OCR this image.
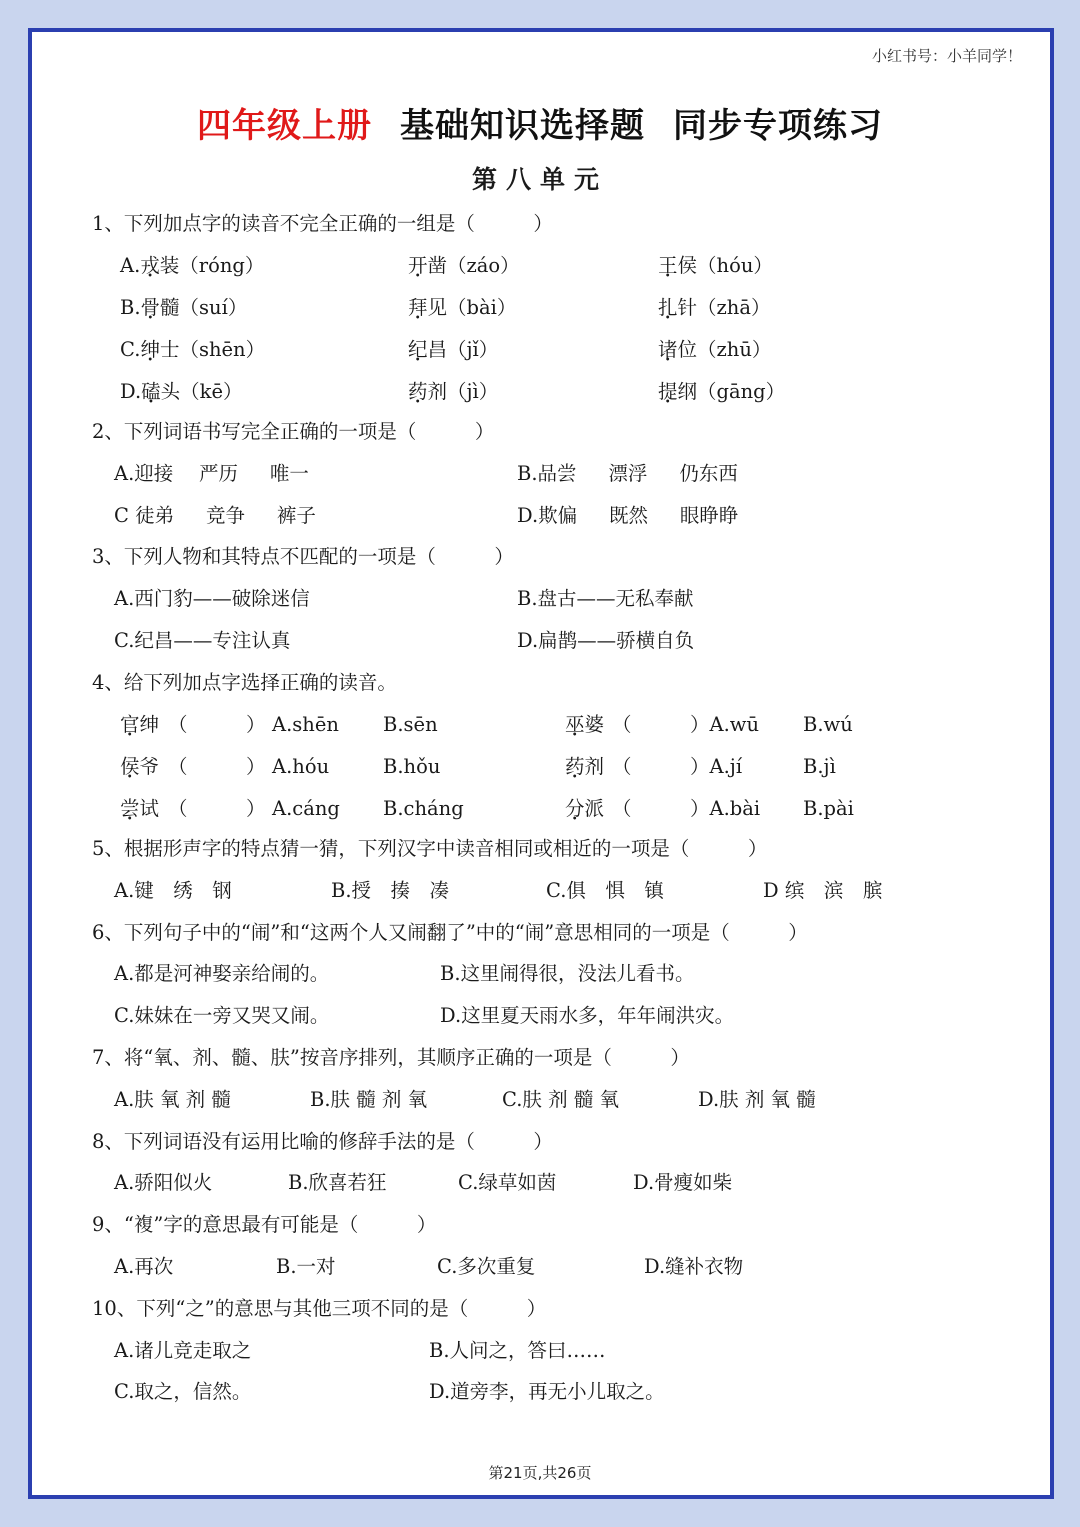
小红书号：小羊同学！
四年级上册 基础知识选择题 同步专项练习
第八单元
1、下列加点字的读音不完全正确的一组是（　　　）
A.戎装（róng）	开凿（záo）	王侯（hóu）
B.骨髓（suí）	拜见（bài）	扎针（zhā）
C.绅士（shēn）	纪昌（jǐ）	诸位（zhū）
D.磕头（kē）	药剂（jì）	提纲（gāng）
2、下列词语书写完全正确的一项是（　　　）
A.迎接　 严历 　 唯一	B.品尝 　 漂浮 　 仍东西
C 徒弟 　 竞争 　 裤子	D.欺偏 　 既然 　 眼睁睁
3、下列人物和其特点不匹配的一项是（　　　）
A.西门豹——破除迷信	B.盘古——无私奉献
C.纪昌——专注认真	D.扁鹊——骄横自负
4、给下列加点字选择正确的读音。
官绅 （　　　） A.shēn B.sēn	巫婆 （　　　）A.wū B.wú
侯爷 （　　　） A.hóu	B.hǒu	药剂 （　　　）A.jí	B.jì
尝试 （　　　） A.cáng B.cháng	分派 （　　　）A.bài B.pài
5、根据形声字的特点猜一猜，下列汉字中读音相同或相近的一项是（　　　）
A.键　绣　钢	B.授　揍　凑	C.俱　惧　镇	D 缤　滨　膑
6、下列句子中的“闹”和“这两个人又闹翻了”中的“闹”意思相同的一项是（　　　）
A.都是河神娶亲给闹的。	B.这里闹得很，没法儿看书。
C.妹妹在一旁又哭又闹。	D.这里夏天雨水多，年年闹洪灾。
7、将“氧、剂、髓、肤”按音序排列，其顺序正确的一项是（　　　）
A.肤 氧 剂 髓	B.肤 髓 剂 氧	C.肤 剂 髓 氧	D.肤 剂 氧 髓
8、下列词语没有运用比喻的修辞手法的是（　　　）
A.骄阳似火	B.欣喜若狂	C.绿草如茵	D.骨瘦如柴
9、“複”字的意思最有可能是（　　　）
A.再次	B.一对	C.多次重复	D.缝补衣物
10、下列“之”的意思与其他三项不同的是（　　　）
A.诸儿竞走取之	B.人问之，答曰……
C.取之，信然。	D.道旁李，再无小儿取之。
第21页,共26页
